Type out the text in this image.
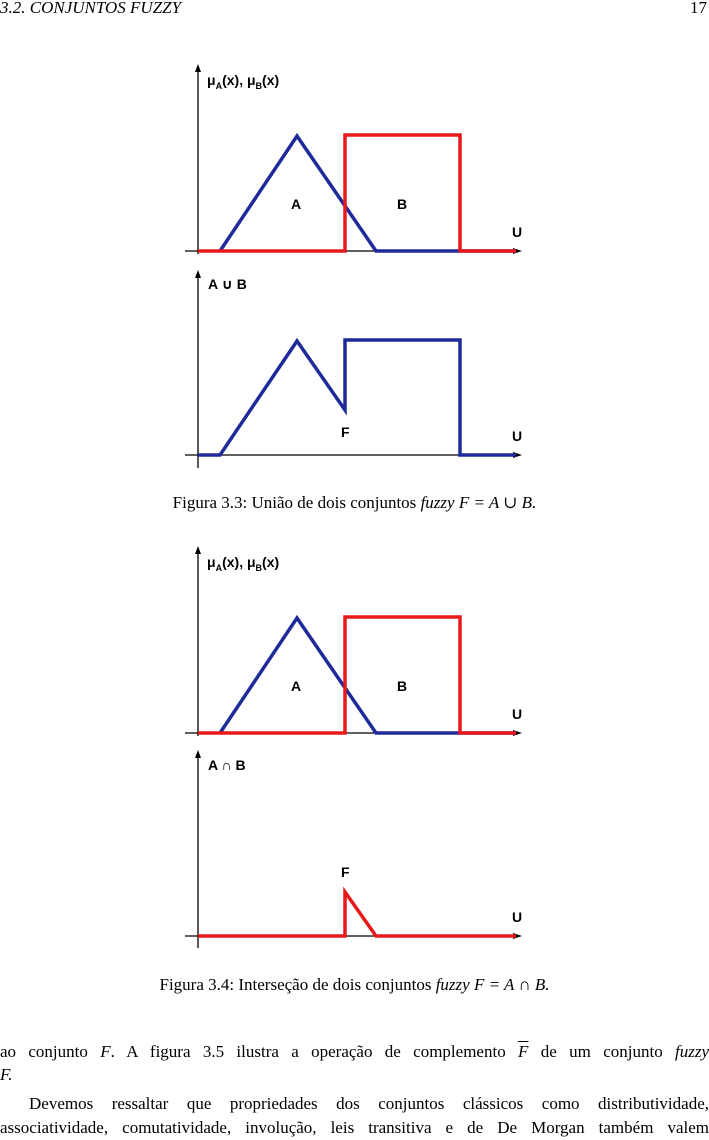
3.2. CONJUNTOS FUZZY	17
$\mu_A(x)$, $\mu_B(x)$
A	B
U
A ∪ B
F	U
Figura 3.3: União de dois conjuntos fuzzy F = A ∪ B.
$\mu_A(x)$, $\mu_B(x)$
A	B
U
A ∩ B
F
U
Figura 3.4: Interseção de dois conjuntos fuzzy F = A ∩ B.
ao conjunto F. A figura 3.5 ilustra a operação de complemento $\overline{F}$ de um conjunto fuzzy
F.
Devemos ressaltar que propriedades dos conjuntos clássicos como distributividade,
associatividade, comutatividade, involução, leis transitiva e de De Morgan também valem
